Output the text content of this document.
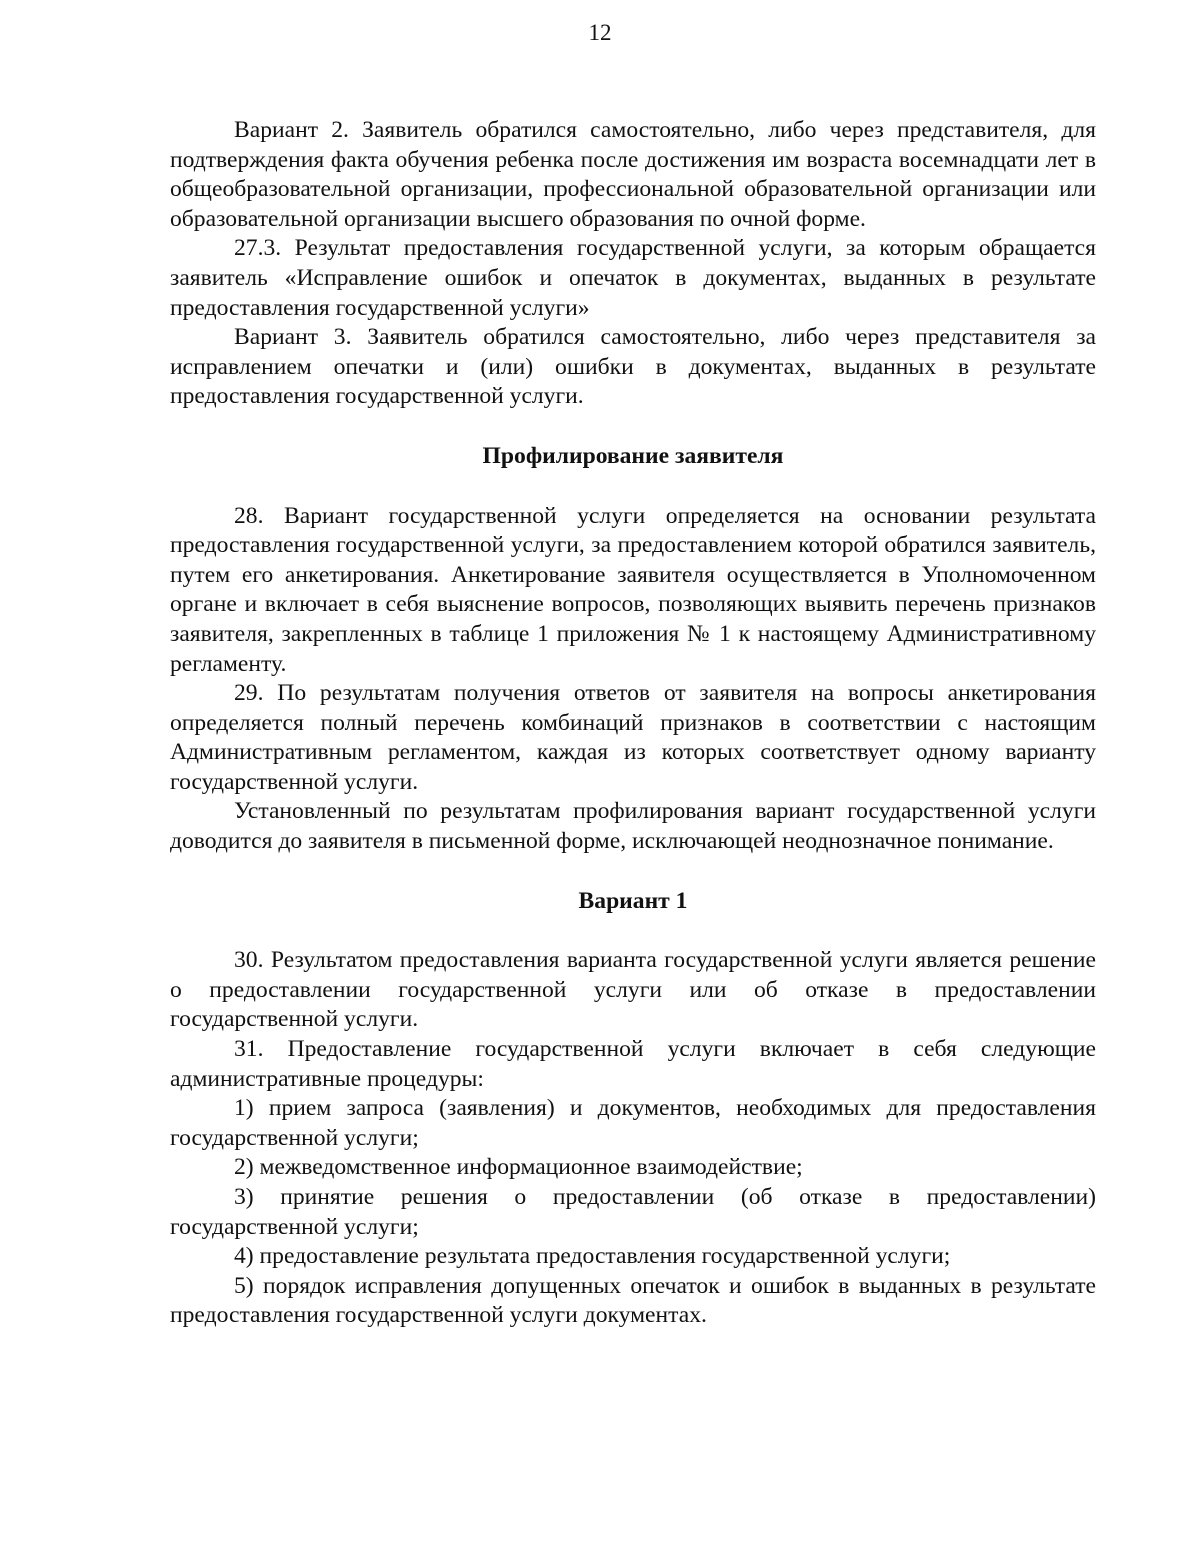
12

Вариант 2. Заявитель обратился самостоятельно, либо через представителя, для подтверждения факта обучения ребенка после достижения им возраста восемнадцати лет в общеобразовательной организации, профессиональной образовательной организации или образовательной организации высшего образования по очной форме.

27.3. Результат предоставления государственной услуги, за которым обращается заявитель «Исправление ошибок и опечаток в документах, выданных в результате предоставления государственной услуги»

Вариант 3. Заявитель обратился самостоятельно, либо через представителя за исправлением опечатки и (или) ошибки в документах, выданных в результате предоставления государственной услуги.

Профилирование заявителя

28. Вариант государственной услуги определяется на основании результата предоставления государственной услуги, за предоставлением которой обратился заявитель, путем его анкетирования. Анкетирование заявителя осуществляется в Уполномоченном органе и включает в себя выяснение вопросов, позволяющих выявить перечень признаков заявителя, закрепленных в таблице 1 приложения № 1 к настоящему Административному регламенту.

29. По результатам получения ответов от заявителя на вопросы анкетирования определяется полный перечень комбинаций признаков в соответствии с настоящим Административным регламентом, каждая из которых соответствует одному варианту государственной услуги.

Установленный по результатам профилирования вариант государственной услуги доводится до заявителя в письменной форме, исключающей неоднозначное понимание.

Вариант 1

30. Результатом предоставления варианта государственной услуги является решение о предоставлении государственной услуги или об отказе в предоставлении государственной услуги.

31. Предоставление государственной услуги включает в себя следующие административные процедуры:

1) прием запроса (заявления) и документов, необходимых для предоставления государственной услуги;

2) межведомственное информационное взаимодействие;

3) принятие решения о предоставлении (об отказе в предоставлении) государственной услуги;

4) предоставление результата предоставления государственной услуги;

5) порядок исправления допущенных опечаток и ошибок в выданных в результате предоставления государственной услуги документах.
